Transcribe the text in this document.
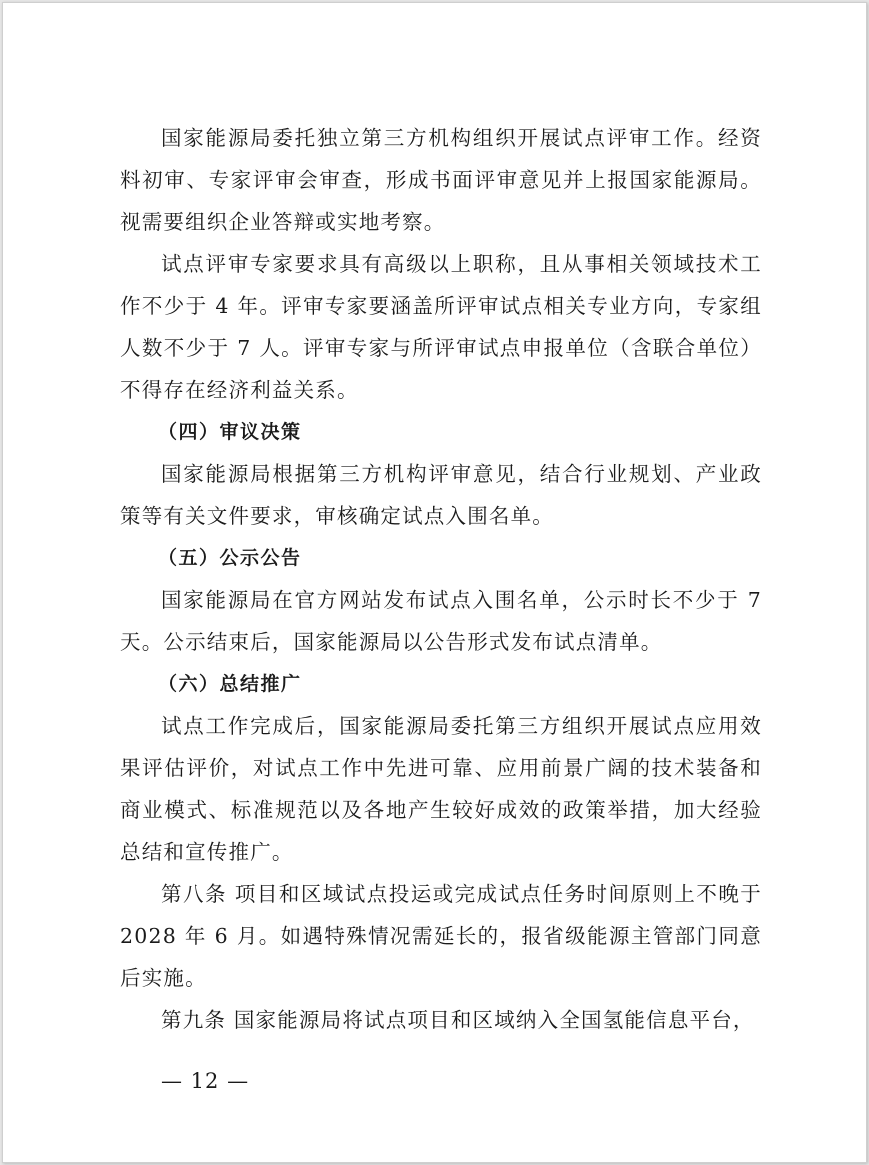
国家能源局委托独立第三方机构组织开展试点评审工作。经资料初审、专家评审会审查，形成书面评审意见并上报国家能源局。视需要组织企业答辩或实地考察。

试点评审专家要求具有高级以上职称，且从事相关领域技术工作不少于 4 年。评审专家要涵盖所评审试点相关专业方向，专家组人数不少于 7 人。评审专家与所评审试点申报单位（含联合单位）不得存在经济利益关系。

（四）审议决策

国家能源局根据第三方机构评审意见，结合行业规划、产业政策等有关文件要求，审核确定试点入围名单。

（五）公示公告

国家能源局在官方网站发布试点入围名单，公示时长不少于 7 天。公示结束后，国家能源局以公告形式发布试点清单。

（六）总结推广

试点工作完成后，国家能源局委托第三方组织开展试点应用效果评估评价，对试点工作中先进可靠、应用前景广阔的技术装备和商业模式、标准规范以及各地产生较好成效的政策举措，加大经验总结和宣传推广。

第八条 项目和区域试点投运或完成试点任务时间原则上不晚于 2028 年 6 月。如遇特殊情况需延长的，报省级能源主管部门同意后实施。

第九条 国家能源局将试点项目和区域纳入全国氢能信息平台，

— 12 —
